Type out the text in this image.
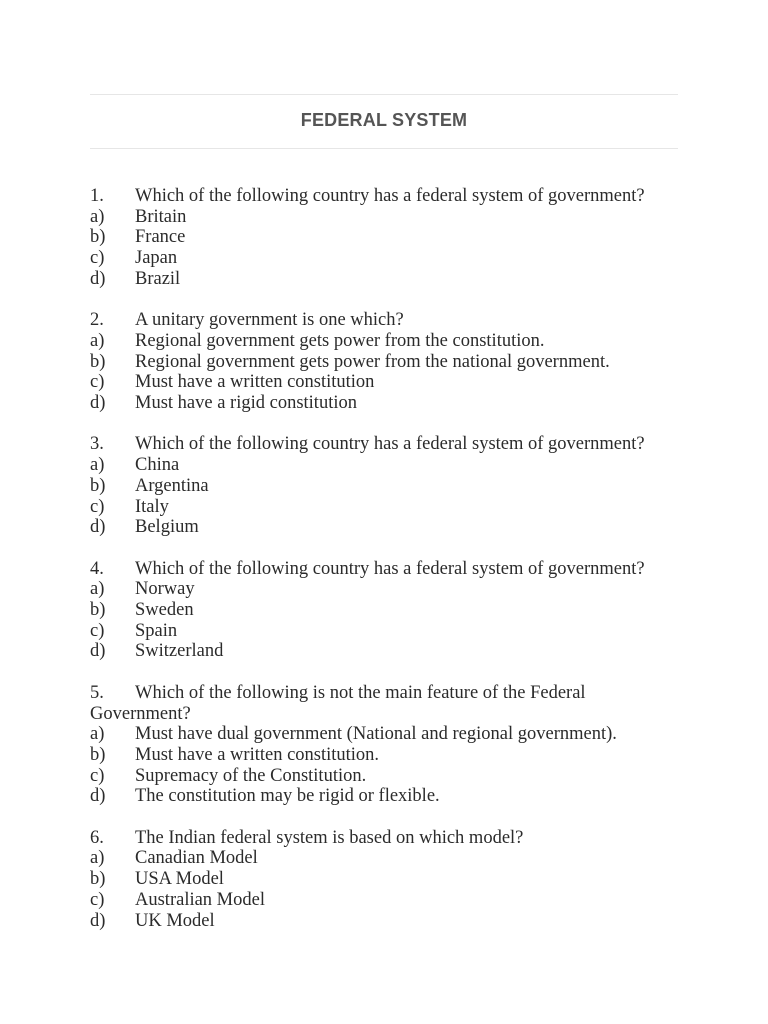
FEDERAL SYSTEM
1.	Which of the following country has a federal system of government?
a)	Britain
b)	France
c)	Japan
d)	Brazil
2.	A unitary government is one which?
a)	Regional government gets power from the constitution.
b)	Regional government gets power from the national government.
c)	Must have a written constitution
d)	Must have a rigid constitution
3.	Which of the following country has a federal system of government?
a)	China
b)	Argentina
c)	Italy
d)	Belgium
4.	Which of the following country has a federal system of government?
a)	Norway
b)	Sweden
c)	Spain
d)	Switzerland
5.	Which of the following is not the main feature of the Federal
Government?
a)	Must have dual government (National and regional government).
b)	Must have a written constitution.
c)	Supremacy of the Constitution.
d)	The constitution may be rigid or flexible.
6.	The Indian federal system is based on which model?
a)	Canadian Model
b)	USA Model
c)	Australian Model
d)	UK Model
